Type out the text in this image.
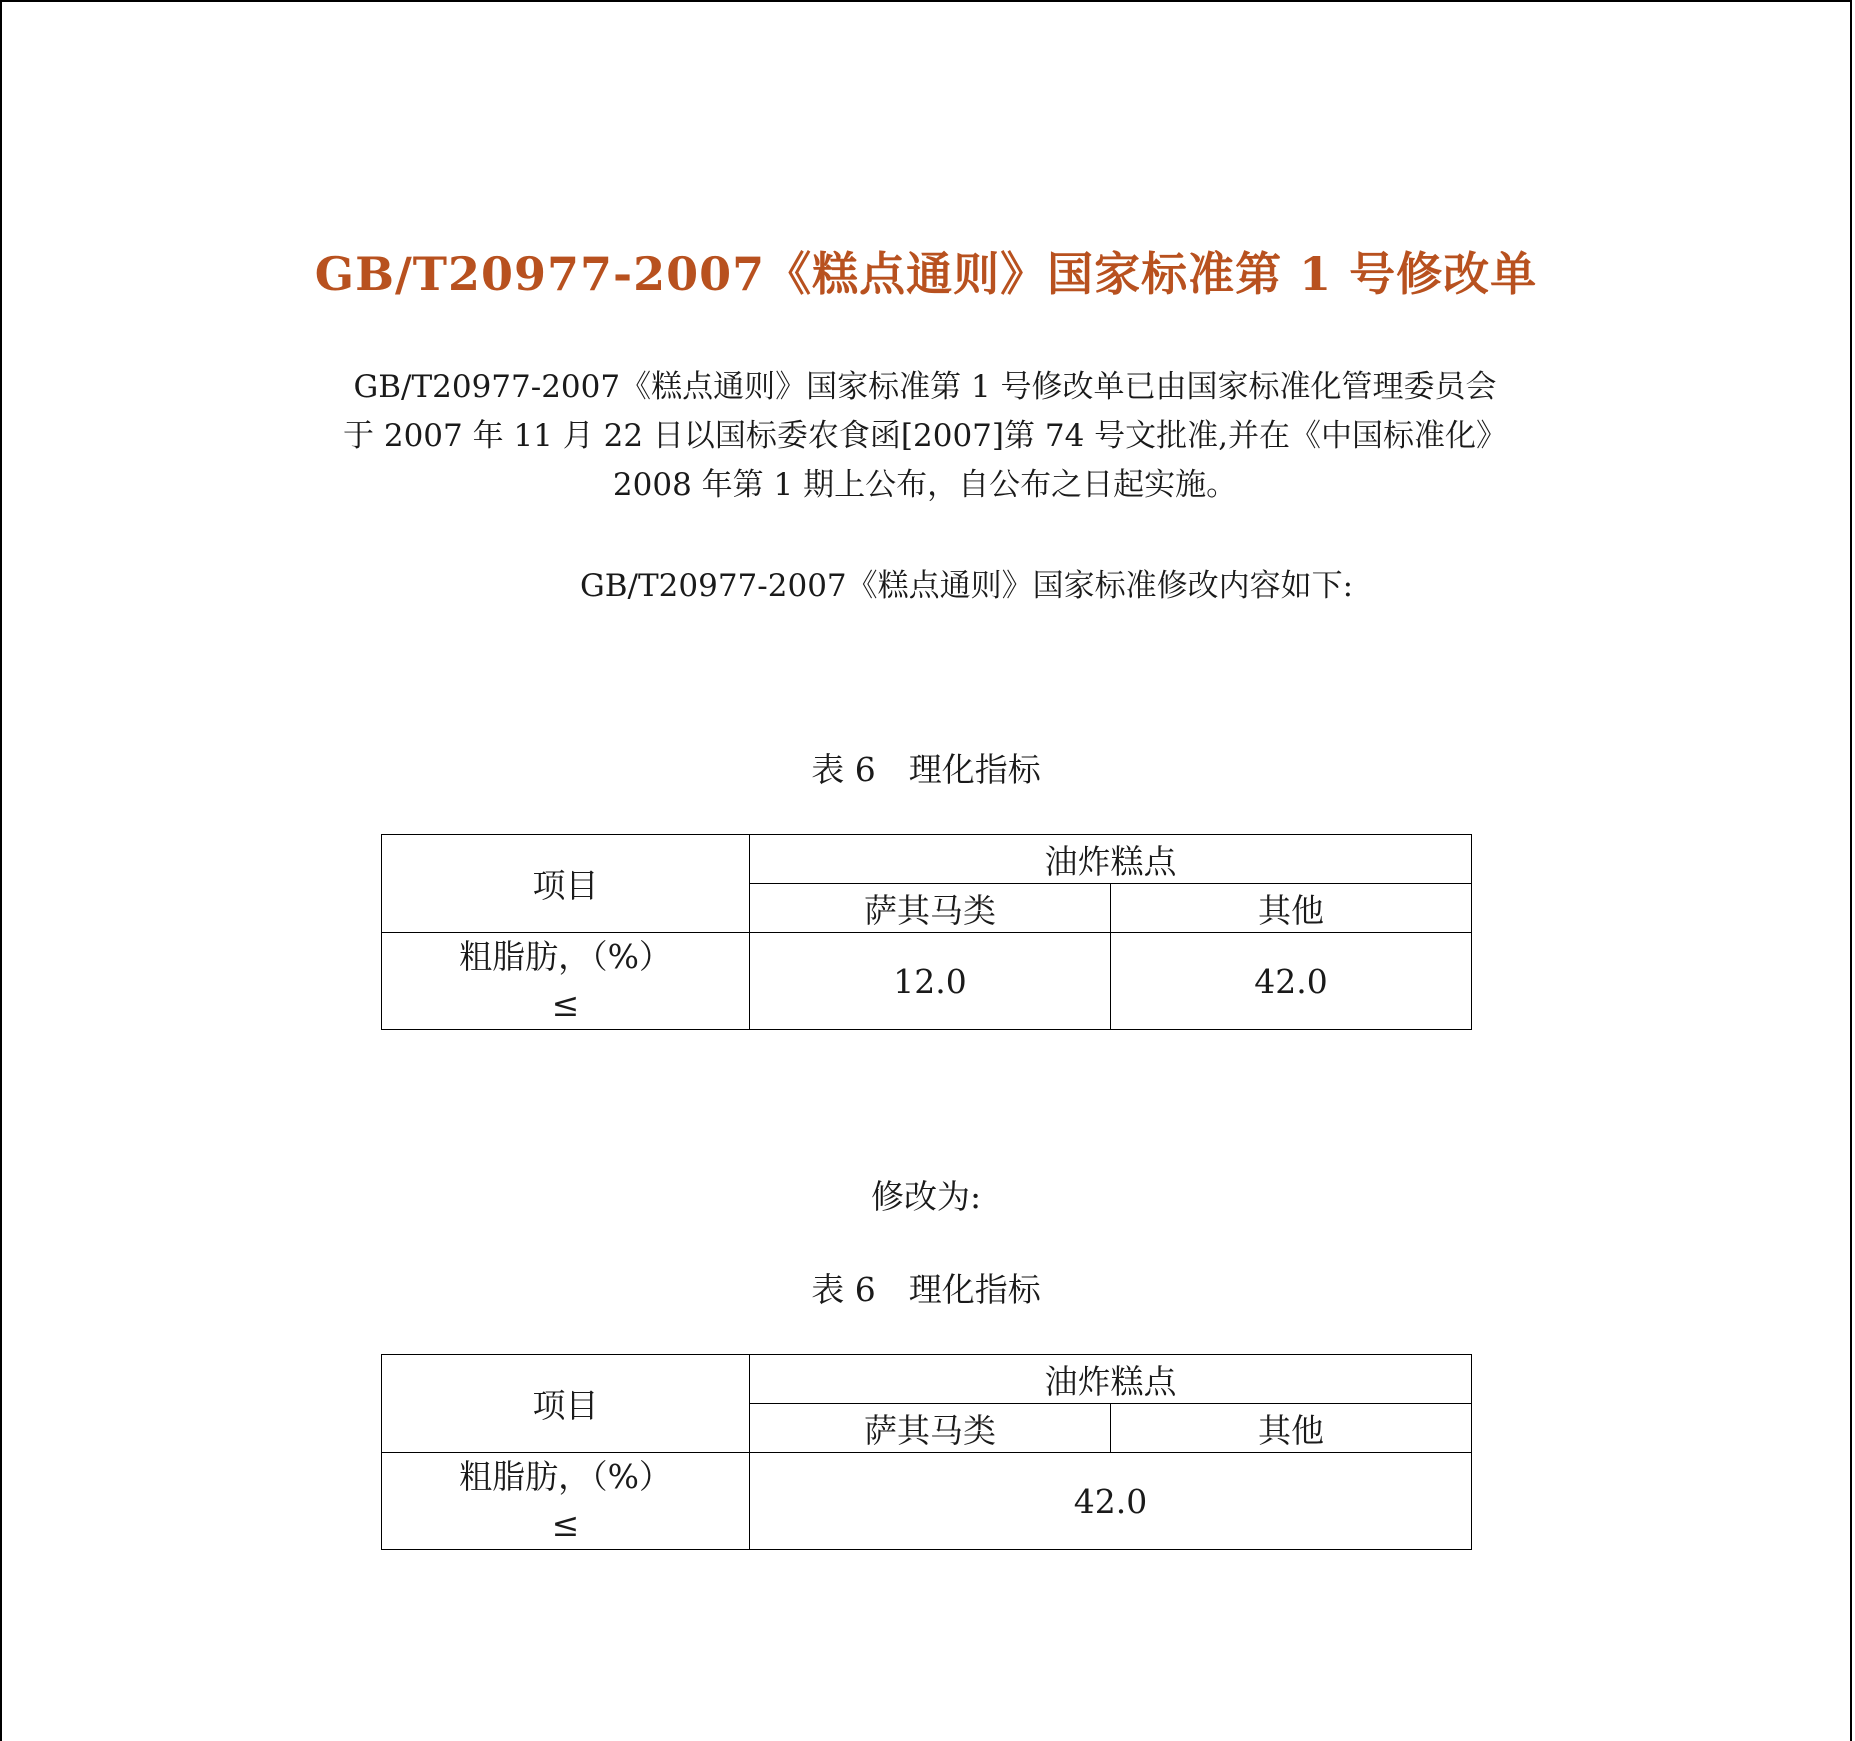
GB/T20977-2007《糕点通则》国家标准第 1 号修改单

GB/T20977-2007《糕点通则》国家标准第 1 号修改单已由国家标准化管理委员会
于 2007 年 11 月 22 日以国标委农食函[2007]第 74 号文批准,并在《中国标准化》
2008 年第 1 期上公布，自公布之日起实施。

GB/T20977-2007《糕点通则》国家标准修改内容如下:

表 6　理化指标

项目	油炸糕点	
	萨其马类	其他

粗脂肪，（%）
≤	12.0	42.0

修改为:

表 6　理化指标

项目	油炸糕点	
	萨其马类	其他

粗脂肪，（%）
≤	42.0	
